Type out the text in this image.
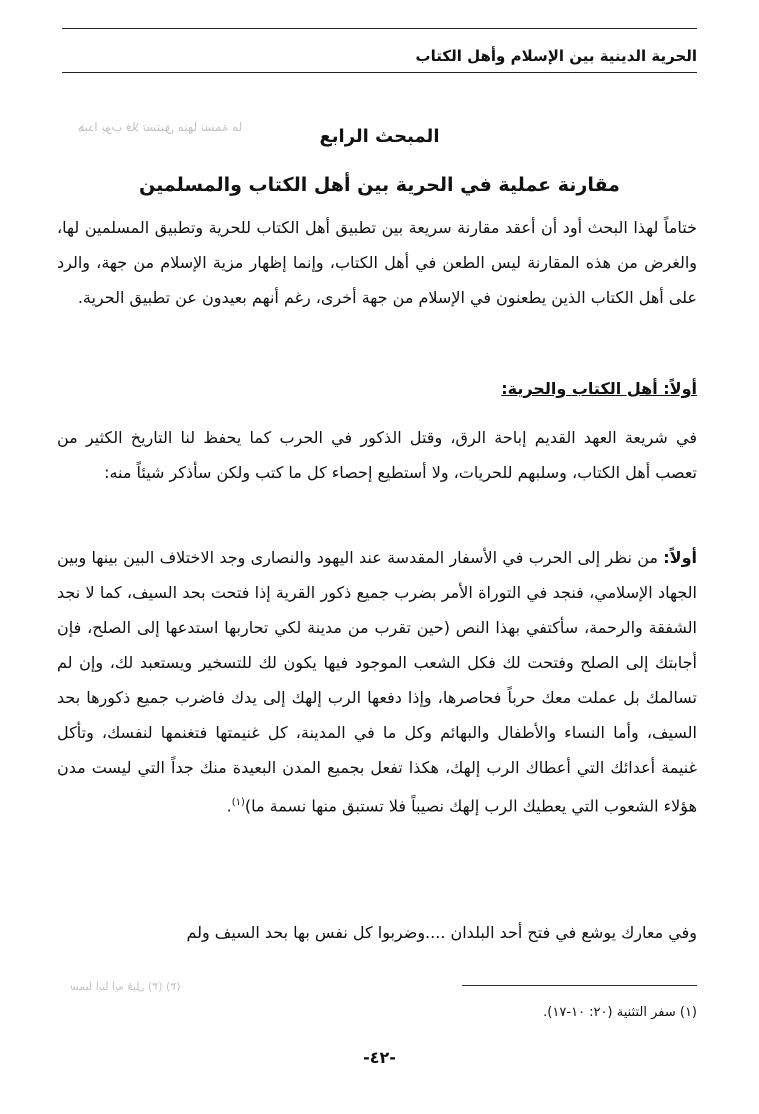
الحرية الدينية بين الإسلام وأهل الكتاب
هبدا بوب فلا تستبق منها نسمة ما	المبحث الرابع
مقارنة عملية في الحرية بين أهل الكتاب والمسلمين

ختاماً لهذا البحث أود أن أعقد مقارنة سريعة بين تطبيق أهل الكتاب للحرية وتطبيق المسلمين لها، والغرض من هذه المقارنة ليس الطعن في أهل الكتاب، وإنما إظهار مزية الإسلام من جهة، والرد على أهل الكتاب الذين يطعنون في الإسلام من جهة أخرى، رغم أنهم بعيدون عن تطبيق الحرية.

أولاً: أهل الكتاب والحرية:

في شريعة العهد القديم إباحة الرق، وقتل الذكور في الحرب كما يحفظ لنا التاريخ الكثير من تعصب أهل الكتاب، وسلبهم للحريات، ولا أستطيع إحصاء كل ما كتب ولكن سأذكر شيئاً منه:

أولاً: من نظر إلى الحرب في الأسفار المقدسة عند اليهود والنصارى وجد الاختلاف البين بينها وبين الجهاد الإسلامي، فنجد في التوراة الأمر بضرب جميع ذكور القرية إذا فتحت بحد السيف، كما لا نجد الشفقة والرحمة، سأكتفي بهذا النص (حين تقرب من مدينة لكي تحاربها استدعها إلى الصلح، فإن أجابتك إلى الصلح وفتحت لك فكل الشعب الموجود فيها يكون لك للتسخير ويستعبد لك، وإن لم تسالمك بل عملت معك حرباً فحاصرها، وإذا دفعها الرب إلهك إلى يدك فاضرب جميع ذكورها بحد السيف، وأما النساء والأطفال والبهائم وكل ما في المدينة، كل غنيمتها فتغنمها لنفسك، وتأكل غنيمة أعدائك التي أعطاك الرب إلهك، هكذا تفعل بجميع المدن البعيدة منك جداً التي ليست مدن هؤلاء الشعوب التي يعطيك الرب إلهك نصيباً فلا تستبق منها نسمة ما)$^{(١)}$.

وفي معارك يوشع في فتح أحد البلدان ....وضربوا كل نفس بها بحد السيف ولم

(٣) سمبا ايتا ايه قيل (٣)
(١) سفر التثنية (٢٠: ١٠-١٧).
-٤٢-
